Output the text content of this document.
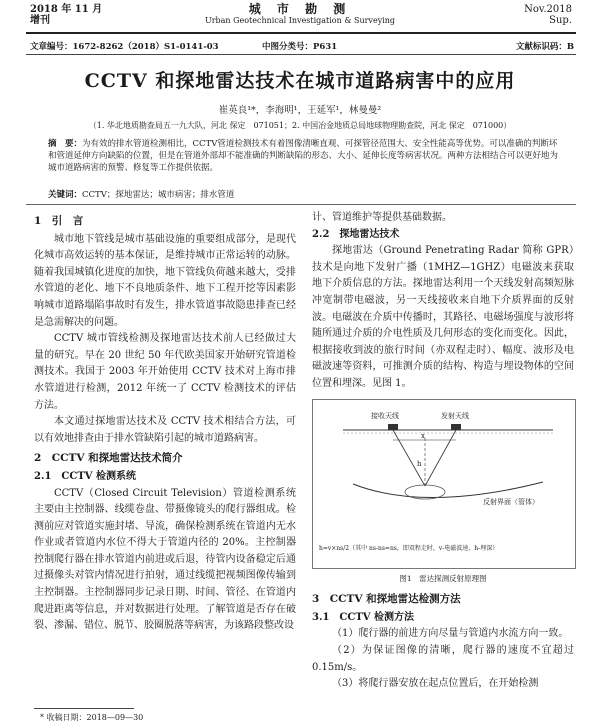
2018 年 11 月
增刊
城 市 勘 测
Urban Geotechnical Investigation & Surveying
Nov.2018
Sup.
文章编号：1672-8262（2018）S1-0141-03	中图分类号：P631	文献标识码：B
CCTV 和探地雷达技术在城市道路病害中的应用
崔英良¹*，李海明¹，王延军¹，林曼曼²
（1. 华北地质勘查局五一九大队，河北 保定　071051；2. 中国冶金地质总局地球物理勘查院，河北 保定　071000）
摘　要：为有效的排水管道检测相比，CCTV管道检测技术有着图像清晰直观、可探管径范围大、安全性能高等优势。可以准确的判断坏和管道延伸方向缺陷的位置，但是在管道外部却不能准确的判断缺陷的形态、大小、延伸长度等病害状况。两种方法相结合可以更好地为城市道路病害的预警、修复等工作提供依据。
关键词：CCTV；探地雷达；城市病害；排水管道
1　引　言

城市地下管线是城市基础设施的重要组成部分，是现代化城市高效运转的基本保证，是维持城市正常运转的动脉。随着我国城镇化进度的加快，地下管线负荷越来越大，受排水管道的老化、地下不良地质条件、地下工程开挖等因素影响城市道路塌陷事故时有发生，排水管道事故隐患排查已经是急需解决的问题。

CCTV 城市管线检测及探地雷达技术前人已经做过大量的研究。早在 20 世纪 50 年代欧美国家开始研究管道检测技术。我国于 2003 年开始使用 CCTV 技术对上海市排水管道进行检测，2012 年统一了 CCTV 检测技术的评估方法。

本文通过探地雷达技术及 CCTV 技术相结合方法，可以有效地排查由于排水管缺陷引起的城市道路病害。

2　CCTV 和探地雷达技术简介
2.1　CCTV 检测系统

CCTV（Closed Circuit Television）管道检测系统主要由主控制器、线缆卷盘、带摄像镜头的爬行器组成。检测前应对管道实施封堵、导流，确保检测系统在管道内无水作业或者管道内水位不得大于管道内径的 20%。主控制器控制爬行器在排水管道内前进或后退，待管内设备稳定后通过摄像头对管内情况进行拍射，通过线缆把视频图像传输到主控制器。主控制器同步记录日期、时间、管径、在管道内爬进距离等信息，并对数据进行处理。了解管道是否存在破裂、渗漏、错位、脱节、胶圈脱落等病害，为该路段整改设

计、管道维护等提供基础数据。

2.2　探地雷达技术

探地雷达（Ground Penetrating Radar 简称 GPR）技术是向地下发射广播（1MHZ—1GHZ）电磁波来获取地下介质信息的方法。探地雷达利用一个天线发射高频短脉冲宽制带电磁波，另一天线接收来自地下介质界面的反射波。电磁波在介质中传播时，其路径、电磁场强度与波形将随所通过介质的介电性质及几何形态的变化而变化。因此，根据接收到波的旅行时间（亦双程走时）、幅度、波形及电磁波速等资料，可推测介质的结构、构造与埋设物体的空间位置和埋深。见图 1。

接收天线	发射天线
x
h
反射界面（管体）
h=v×ns/2（其中 ns-ns=ns，即双程走时，v-电磁波速，h-埋深）
图1　雷达探测反射原理图
3　CCTV 和探地雷达检测方法
3.1　CCTV 检测方法

（1）爬行器的前进方向尽量与管道内水流方向一致。

（2）为保证图像的清晰，爬行器的速度不宜超过 0.15m/s。

（3）将爬行器安放在起点位置后，在开始检测

* 收稿日期：2018—09—30
